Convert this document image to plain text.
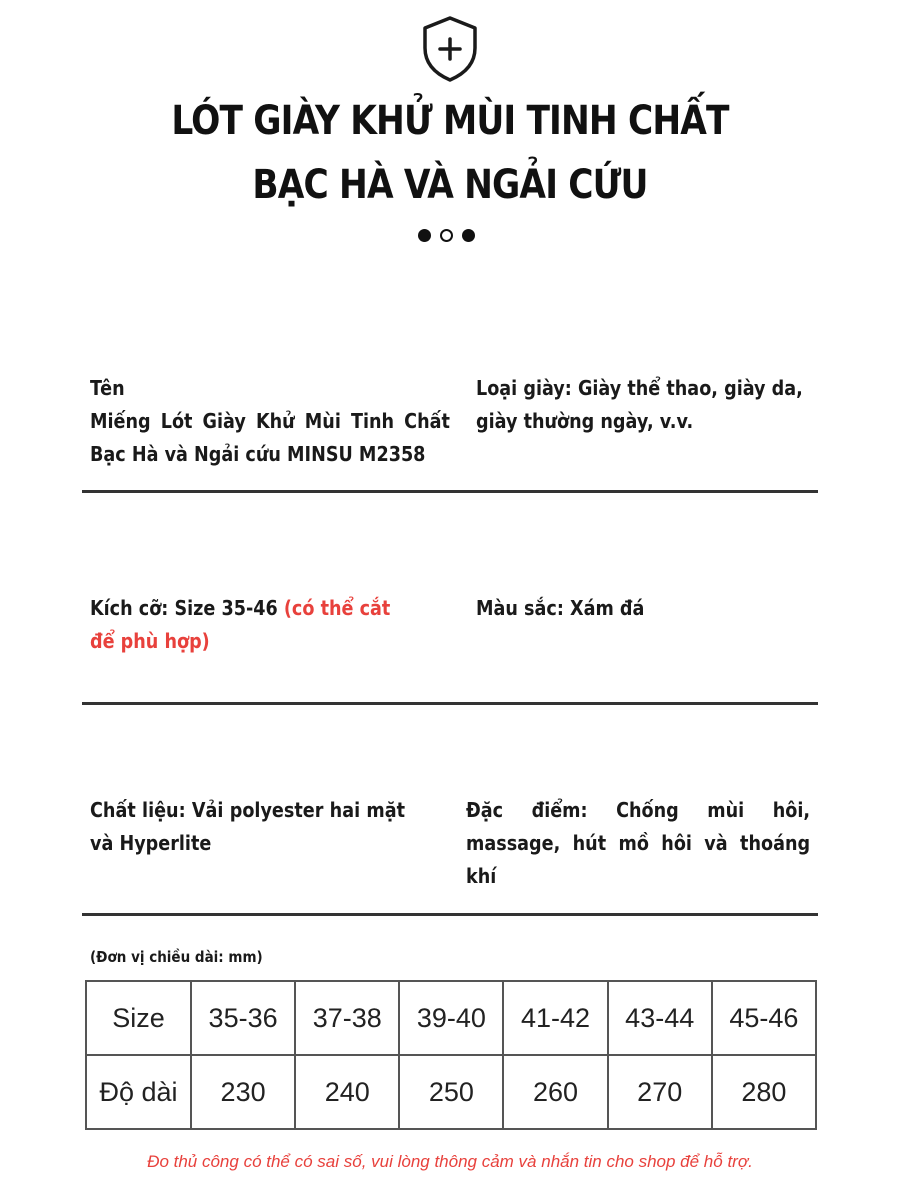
LÓT GIÀY KHỬ MÙI TINH CHẤT
BẠC HÀ VÀ NGẢI CỨU
Tên
Miếng Lót Giày Khử Mùi Tinh Chất Bạc Hà và Ngải cứu MINSU M2358
Loại giày: Giày thể thao, giày da, giày thường ngày, v.v.
Kích cỡ: Size 35-46 (có thể cắt để phù hợp)
Màu sắc: Xám đá
Chất liệu: Vải polyester hai mặt và Hyperlite
Đặc điểm: Chống mùi hôi, massage, hút mồ hôi và thoáng khí
(Đơn vị chiều dài: mm)
Size	35-36	37-38	39-40	41-42	43-44	45-46
Độ dài	230	240	250	260	270	280
Đo thủ công có thể có sai số, vui lòng thông cảm và nhắn tin cho shop để hỗ trợ.
